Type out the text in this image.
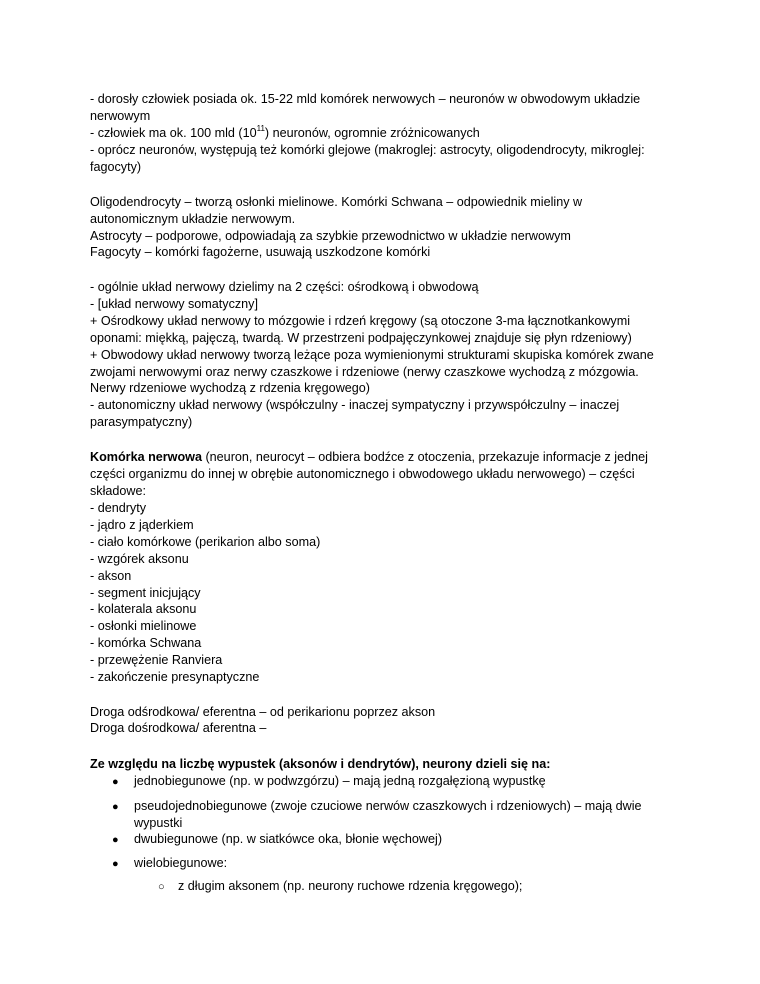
- dorosły człowiek posiada ok. 15-22 mld komórek nerwowych – neuronów w obwodowym układzie
nerwowym
- człowiek ma ok. 100 mld $(10^{11})$ neuronów, ogromnie zróżnicowanych
- oprócz neuronów, występują też komórki glejowe (makroglej: astrocyty, oligodendrocyty, mikroglej:
fagocyty)
Oligodendrocyty – tworzą osłonki mielinowe. Komórki Schwana – odpowiednik mieliny w
autonomicznym układzie nerwowym.
Astrocyty – podporowe, odpowiadają za szybkie przewodnictwo w układzie nerwowym
Fagocyty – komórki fagożerne, usuwają uszkodzone komórki
- ogólnie układ nerwowy dzielimy na 2 części: ośrodkową i obwodową
- [układ nerwowy somatyczny]
+ Ośrodkowy układ nerwowy to mózgowie i rdzeń kręgowy (są otoczone 3-ma łącznotkankowymi
oponami: miękką, pajęczą, twardą. W przestrzeni podpajęczynkowej znajduje się płyn rdzeniowy)
+ Obwodowy układ nerwowy tworzą leżące poza wymienionymi strukturami skupiska komórek zwane
zwojami nerwowymi oraz nerwy czaszkowe i rdzeniowe (nerwy czaszkowe wychodzą z mózgowia.
Nerwy rdzeniowe wychodzą z rdzenia kręgowego)
- autonomiczny układ nerwowy (współczulny - inaczej sympatyczny i przywspółczulny – inaczej
parasympatyczny)
Komórka nerwowa (neuron, neurocyt – odbiera bodźce z otoczenia, przekazuje informacje z jednej
części organizmu do innej w obrębie autonomicznego i obwodowego układu nerwowego) – części
składowe:
- dendryty
- jądro z jąderkiem
- ciało komórkowe (perikarion albo soma)
- wzgórek aksonu
- akson
- segment inicjujący
- kolaterala aksonu
- osłonki mielinowe
- komórka Schwana
- przewężenie Ranviera
- zakończenie presynaptyczne
Droga odśrodkowa/ eferentna – od perikarionu poprzez akson
Droga dośrodkowa/ aferentna –
Ze względu na liczbę wypustek (aksonów i dendrytów), neurony dzieli się na:
● jednobiegunowe (np. w podwzgórzu) – mają jedną rozgałęzioną wypustkę
● pseudojednobiegunowe (zwoje czuciowe nerwów czaszkowych i rdzeniowych) – mają dwie
wypustki
● dwubiegunowe (np. w siatkówce oka, błonie węchowej)
● wielobiegunowe:
○ z długim aksonem (np. neurony ruchowe rdzenia kręgowego);
